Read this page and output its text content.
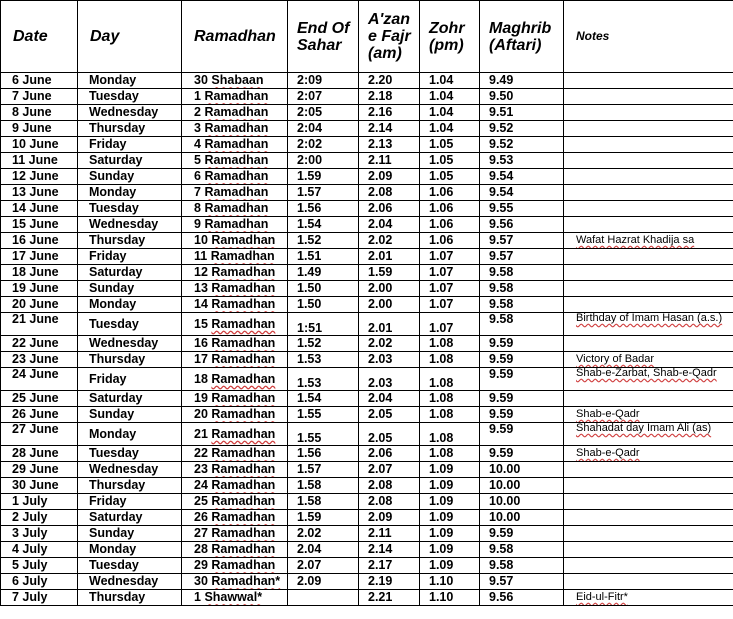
Date	Day	Ramadhan	End Of Sahar	A'zan e Fajr (am)	Zohr (pm)	Maghrib (Aftari)	Notes
6 June	Monday	30 Shabaan	2:09	2.20	1.04	9.49	
7 June	Tuesday	1 Ramadhan	2:07	2.18	1.04	9.50	
8 June	Wednesday	2 Ramadhan	2:05	2.16	1.04	9.51	
9 June	Thursday	3 Ramadhan	2:04	2.14	1.04	9.52	
10 June	Friday	4 Ramadhan	2:02	2.13	1.05	9.52	
11 June	Saturday	5 Ramadhan	2:00	2.11	1.05	9.53	
12 June	Sunday	6 Ramadhan	1.59	2.09	1.05	9.54	
13 June	Monday	7 Ramadhan	1.57	2.08	1.06	9.54	
14 June	Tuesday	8 Ramadhan	1.56	2.06	1.06	9.55	
15 June	Wednesday	9 Ramadhan	1.54	2.04	1.06	9.56	
16 June	Thursday	10 Ramadhan	1.52	2.02	1.06	9.57	Wafat Hazrat Khadija sa
17 June	Friday	11 Ramadhan	1.51	2.01	1.07	9.57	
18 June	Saturday	12 Ramadhan	1.49	1.59	1.07	9.58	
19 June	Sunday	13 Ramadhan	1.50	2.00	1.07	9.58	
20 June	Monday	14 Ramadhan	1.50	2.00	1.07	9.58	
21 June	Tuesday	15 Ramadhan	1:51	2.01	1.07	9.58	Birthday of Imam Hasan (a.s.)
22 June	Wednesday	16 Ramadhan	1.52	2.02	1.08	9.59	
23 June	Thursday	17 Ramadhan	1.53	2.03	1.08	9.59	Victory of Badar
24 June	Friday	18 Ramadhan	1.53	2.03	1.08	9.59	Shab-e-Zarbat, Shab-e-Qadr
25 June	Saturday	19 Ramadhan	1.54	2.04	1.08	9.59	
26 June	Sunday	20 Ramadhan	1.55	2.05	1.08	9.59	Shab-e-Qadr
27 June	Monday	21 Ramadhan	1.55	2.05	1.08	9.59	Shahadat day Imam Ali (as)
28 June	Tuesday	22 Ramadhan	1.56	2.06	1.08	9.59	Shab-e-Qadr
29 June	Wednesday	23 Ramadhan	1.57	2.07	1.09	10.00	
30 June	Thursday	24 Ramadhan	1.58	2.08	1.09	10.00	
1 July	Friday	25 Ramadhan	1.58	2.08	1.09	10.00	
2 July	Saturday	26 Ramadhan	1.59	2.09	1.09	10.00	
3 July	Sunday	27 Ramadhan	2.02	2.11	1.09	9.59	
4 July	Monday	28 Ramadhan	2.04	2.14	1.09	9.58	
5 July	Tuesday	29 Ramadhan	2.07	2.17	1.09	9.58	
6 July	Wednesday	30 Ramadhan*	2.09	2.19	1.10	9.57	
7 July	Thursday	1 Shawwal*		2.21	1.10	9.56	Eid-ul-Fitr*
